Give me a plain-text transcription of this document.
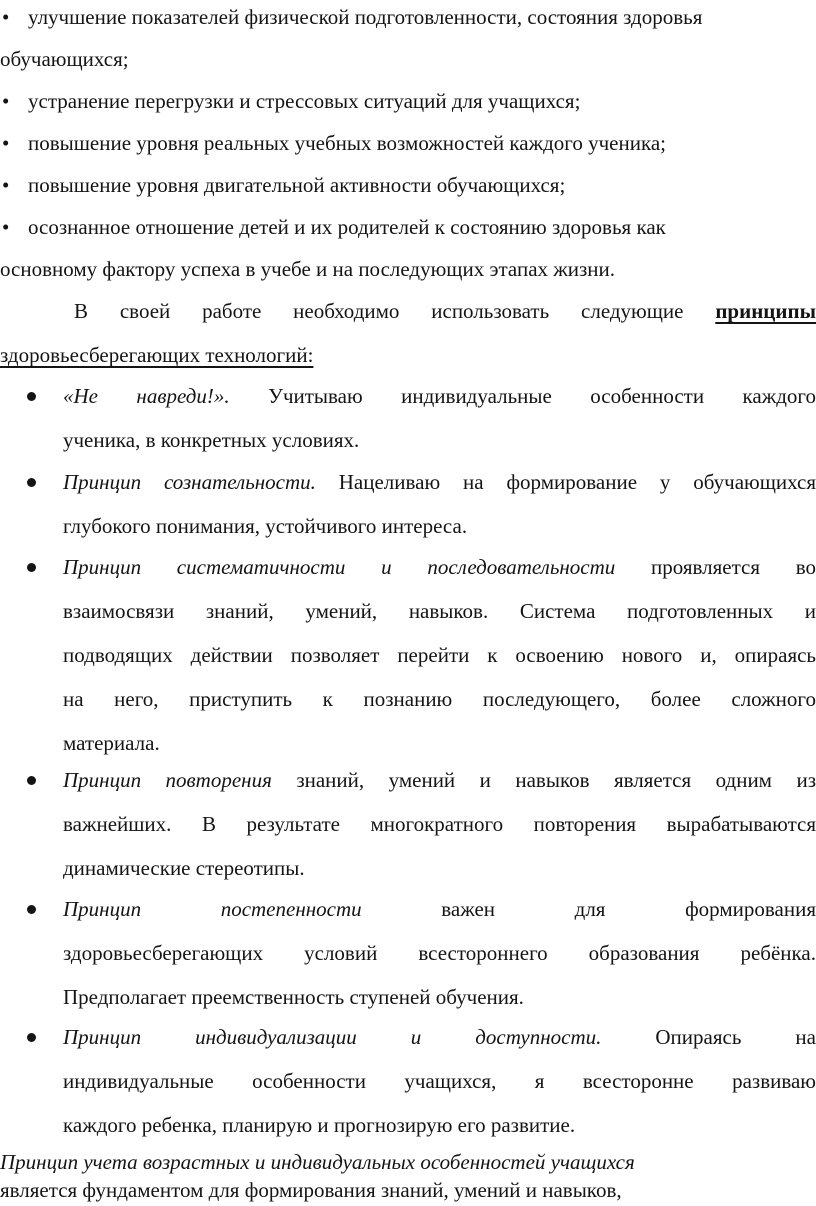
• улучшение показателей физической подготовленности, состояния здоровья
обучающихся;
• устранение перегрузки и стрессовых ситуаций для учащихся;
• повышение уровня реальных учебных возможностей каждого ученика;
• повышение уровня двигательной активности обучающихся;
• осознанное отношение детей и их родителей к состоянию здоровья как
основному фактору успеха в учебе и на последующих этапах жизни.
В своей работе необходимо использовать следующие принципы
здоровьесберегающих технологий:
«Не навреди!». Учитываю индивидуальные особенности каждого
ученика, в конкретных условиях.
Принцип сознательности. Нацеливаю на формирование у обучающихся
глубокого понимания, устойчивого интереса.
Принцип систематичности и последовательности проявляется во
взаимосвязи знаний, умений, навыков. Система подготовленных и
подводящих действии позволяет перейти к освоению нового и, опираясь
на него, приступить к познанию последующего, более сложного
материала.
Принцип повторения знаний, умений и навыков является одним из
важнейших. В результате многократного повторения вырабатываются
динамические стереотипы.
Принцип постепенности важен для формирования
здоровьесберегающих условий всестороннего образования ребёнка.
Предполагает преемственность ступеней обучения.
Принцип индивидуализации и доступности. Опираясь на
индивидуальные особенности учащихся, я всесторонне развиваю
каждого ребенка, планирую и прогнозирую его развитие.
Принцип учета возрастных и индивидуальных особенностей учащихся
является фундаментом для формирования знаний, умений и навыков,
